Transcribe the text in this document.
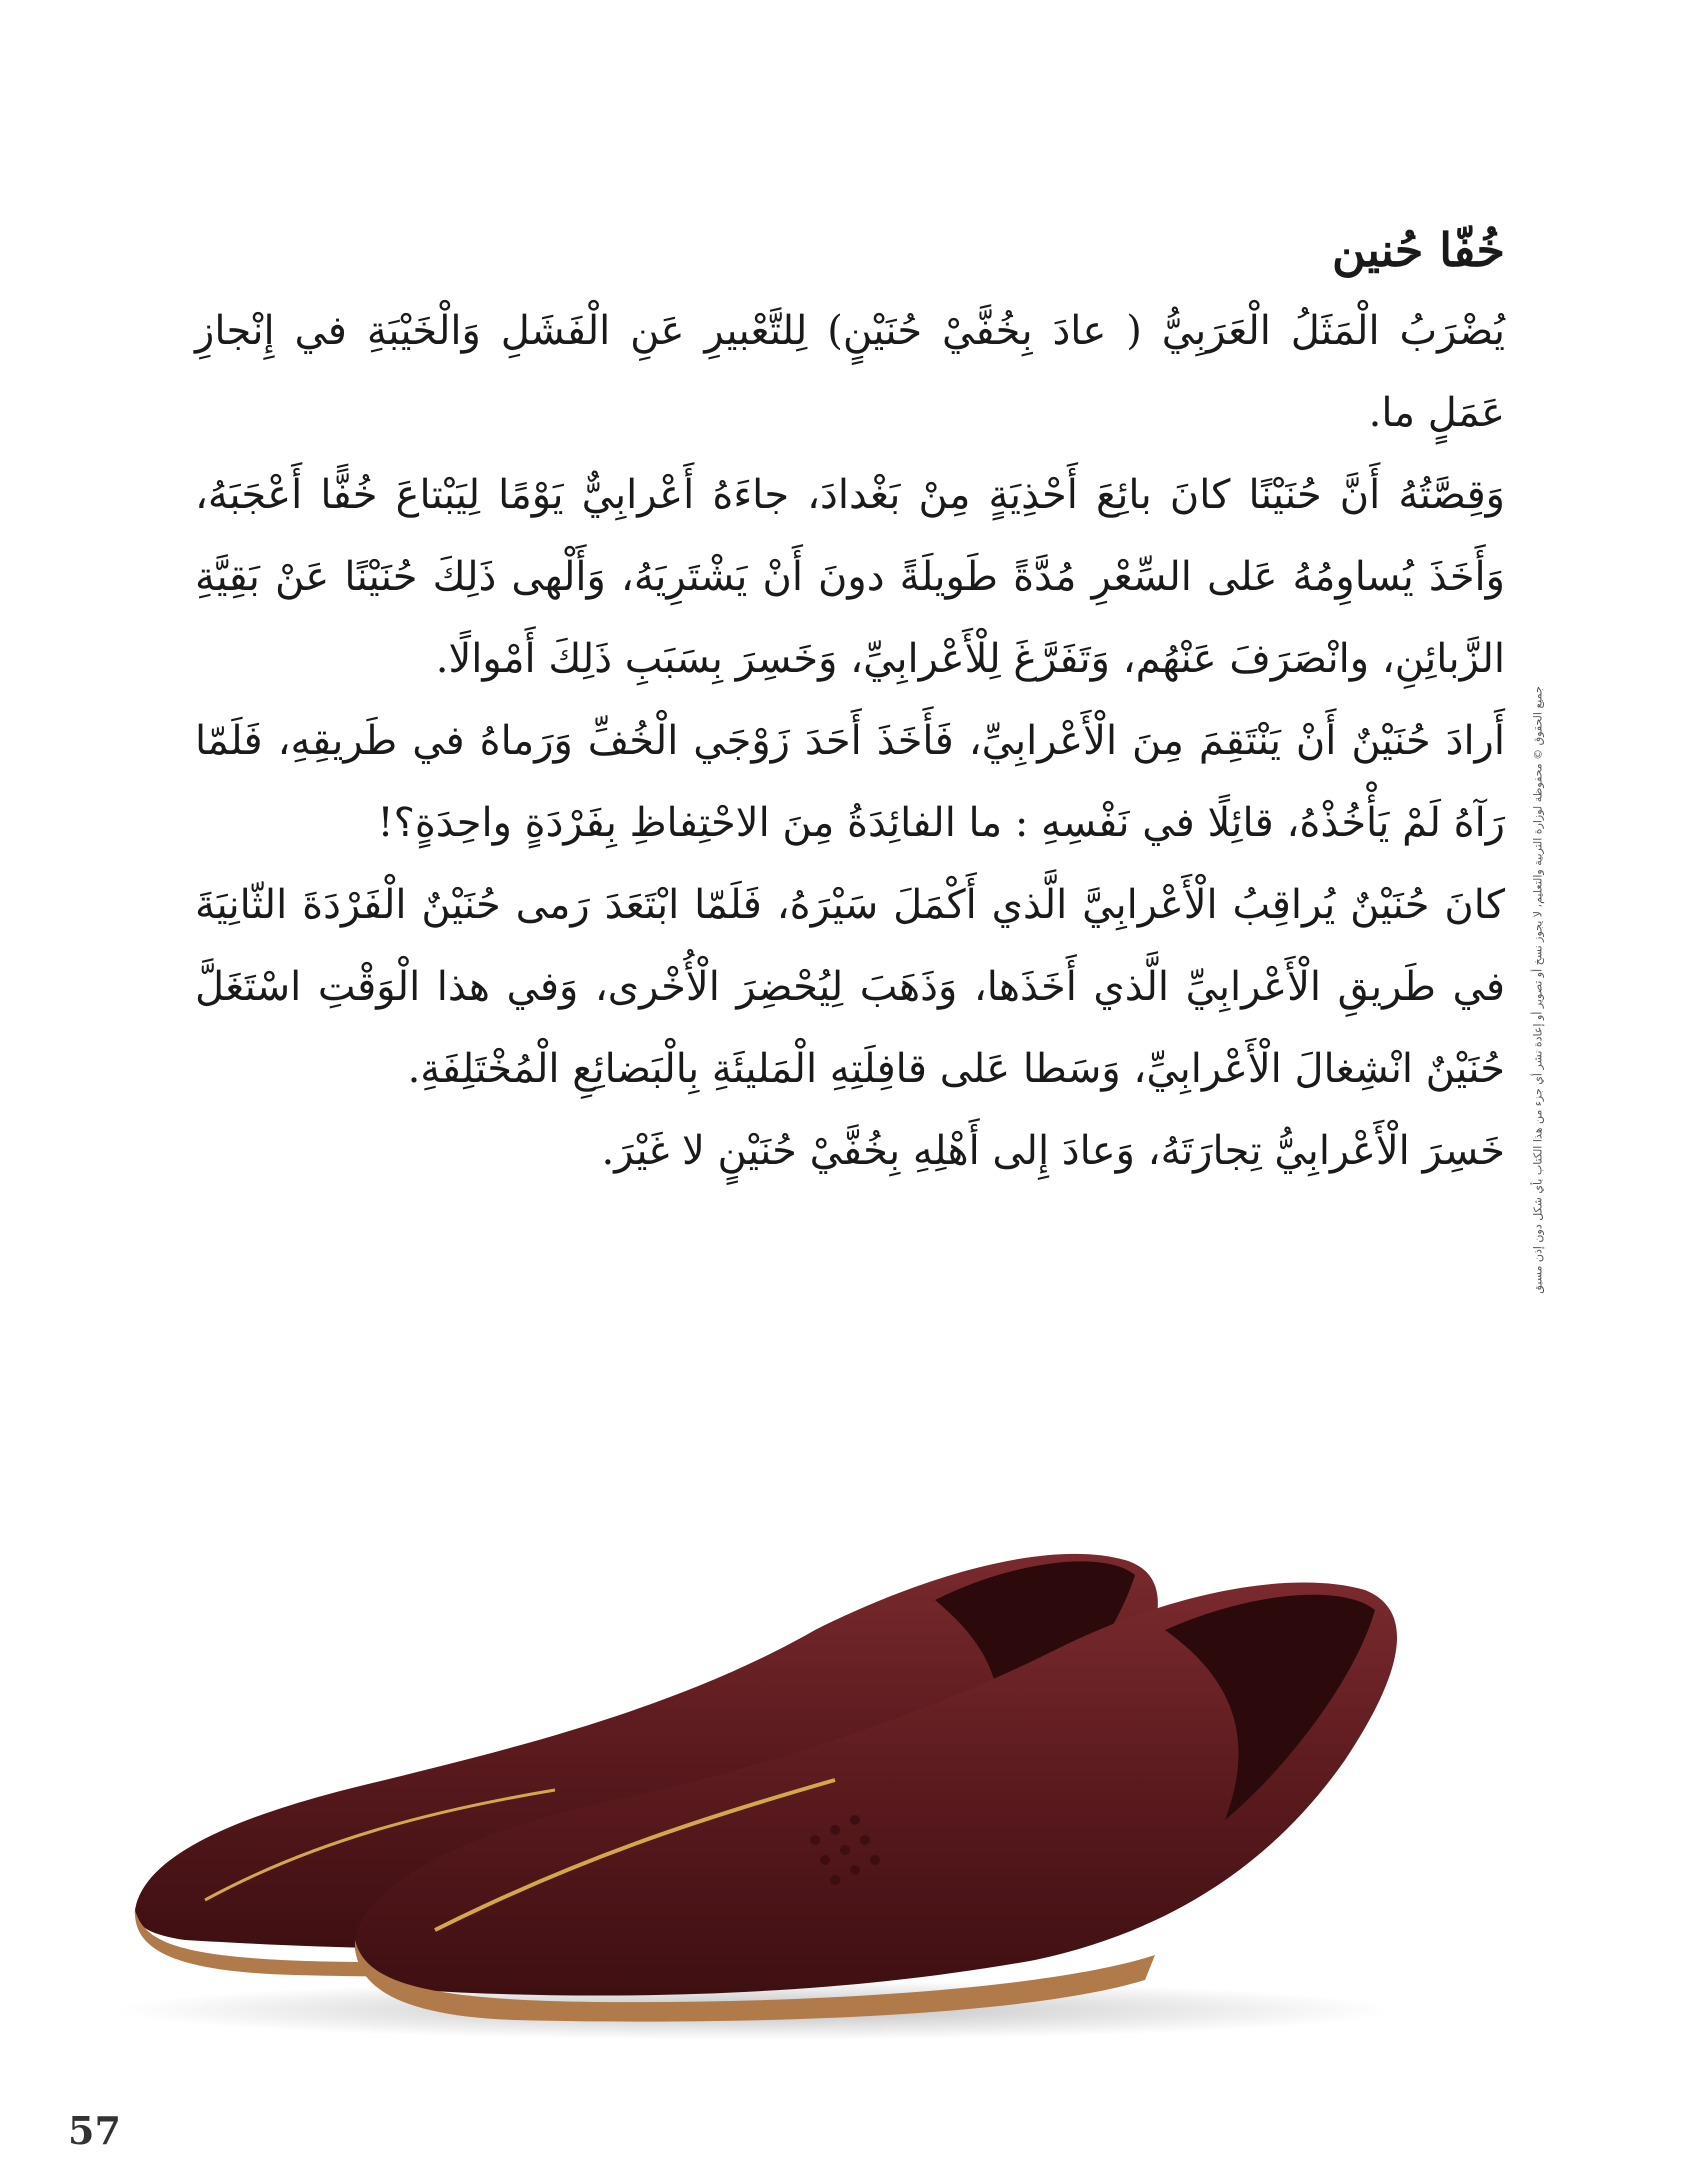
خُفّا حُنين

يُضْرَبُ الْمَثَلُ الْعَرَبِيُّ ( عادَ بِخُفَّيْ حُنَيْنٍ) لِلتَّعْبيرِ عَنِ الْفَشَلِ وَالْخَيْبَةِ في إِنْجازِ عَمَلٍ ما.

وَقِصَّتُهُ أَنَّ حُنَيْنًا كانَ بائِعَ أَحْذِيَةٍ مِنْ بَغْدادَ، جاءَهُ أَعْرابِيٌّ يَوْمًا لِيَبْتاعَ خُفًّا أَعْجَبَهُ، وَأَخَذَ يُساوِمُهُ عَلى السِّعْرِ مُدَّةً طَويلَةً دونَ أَنْ يَشْتَرِيَهُ، وَأَلْهى ذَلِكَ حُنَيْنًا عَنْ بَقِيَّةِ الزَّبائِنِ، وانْصَرَفَ عَنْهُم، وَتَفَرَّغَ لِلْأَعْرابِيِّ، وَخَسِرَ بِسَبَبِ ذَلِكَ أَمْوالًا.

أَرادَ حُنَيْنٌ أَنْ يَنْتَقِمَ مِنَ الْأَعْرابِيِّ، فَأَخَذَ أَحَدَ زَوْجَي الْخُفِّ وَرَماهُ في طَريقِهِ، فَلَمّا رَآهُ لَمْ يَأْخُذْهُ، قائِلًا في نَفْسِهِ : ما الفائِدَةُ مِنَ الاحْتِفاظِ بِفَرْدَةٍ واحِدَةٍ؟!

كانَ حُنَيْنٌ يُراقِبُ الْأَعْرابِيَّ الَّذي أَكْمَلَ سَيْرَهُ، فَلَمّا ابْتَعَدَ رَمى حُنَيْنٌ الْفَرْدَةَ الثّانِيَةَ في طَريقِ الْأَعْرابِيِّ الَّذي أَخَذَها، وَذَهَبَ لِيُحْضِرَ الْأُخْرى، وَفي هذا الْوَقْتِ اسْتَغَلَّ حُنَيْنٌ انْشِغالَ الْأَعْرابِيِّ، وَسَطا عَلى قافِلَتِهِ الْمَليئَةِ بِالْبَضائِعِ الْمُخْتَلِفَةِ.

خَسِرَ الْأَعْرابِيُّ تِجارَتَهُ، وَعادَ إِلى أَهْلِهِ بِخُفَّيْ حُنَيْنٍ لا غَيْرَ. جميع الحقوق © محفوظة لوزارة التربية والتعليم، لا يجوز نسخ أو تصوير أو إعادة نشر أي جزء من هذا الكتاب بأي شكل دون إذن مسبق
57
